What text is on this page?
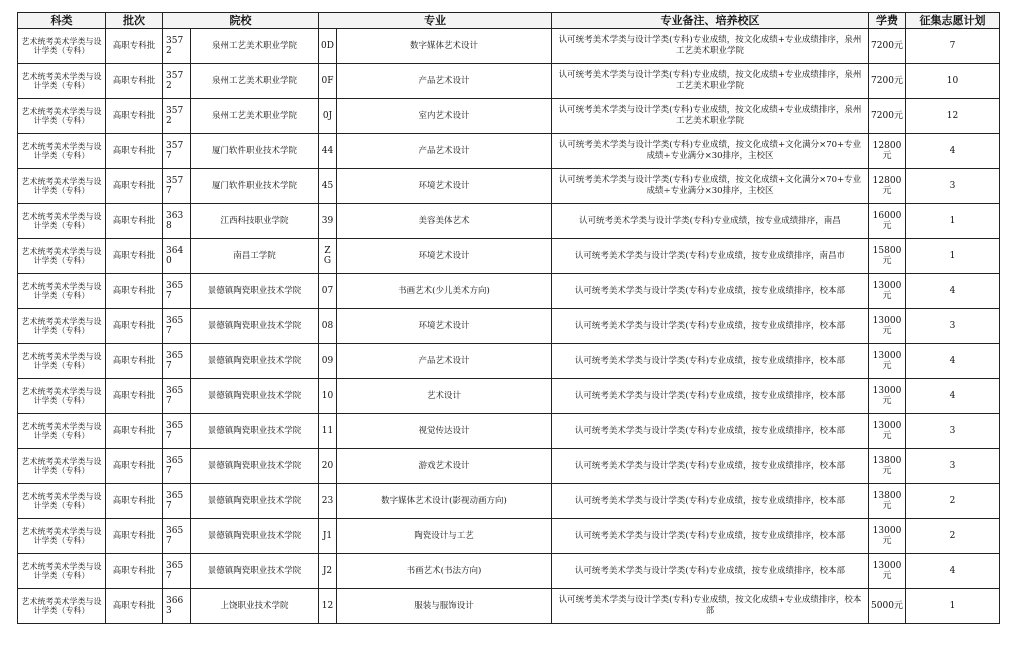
科类	批次	院校		专业		专业备注、培养校区	学费	征集志愿计划
艺术统考美术学类与设计学类（专科）	高职专科批	3572	泉州工艺美术职业学院	0D	数字媒体艺术设计	认可统考美术学类与设计学类(专科)专业成绩，按文化成绩+专业成绩排序，泉州工艺美术职业学院	7200元	7
艺术统考美术学类与设计学类（专科）	高职专科批	3572	泉州工艺美术职业学院	0F	产品艺术设计	认可统考美术学类与设计学类(专科)专业成绩，按文化成绩+专业成绩排序，泉州工艺美术职业学院	7200元	10
艺术统考美术学类与设计学类（专科）	高职专科批	3572	泉州工艺美术职业学院	0J	室内艺术设计	认可统考美术学类与设计学类(专科)专业成绩，按文化成绩+专业成绩排序，泉州工艺美术职业学院	7200元	12
艺术统考美术学类与设计学类（专科）	高职专科批	3577	厦门软件职业技术学院	44	产品艺术设计	认可统考美术学类与设计学类(专科)专业成绩，按文化成绩+文化满分×70+专业成绩÷专业满分×30排序，主校区	12800元	4
艺术统考美术学类与设计学类（专科）	高职专科批	3577	厦门软件职业技术学院	45	环境艺术设计	认可统考美术学类与设计学类(专科)专业成绩，按文化成绩+文化满分×70+专业成绩÷专业满分×30排序，主校区	12800元	3
艺术统考美术学类与设计学类（专科）	高职专科批	3638	江西科技职业学院	39	美容美体艺术	认可统考美术学类与设计学类(专科)专业成绩，按专业成绩排序，南昌	16000元	1
艺术统考美术学类与设计学类（专科）	高职专科批	3640	南昌工学院	ZG	环境艺术设计	认可统考美术学类与设计学类(专科)专业成绩，按专业成绩排序，南昌市	15800元	1
艺术统考美术学类与设计学类（专科）	高职专科批	3657	景德镇陶瓷职业技术学院	07	书画艺术(少儿美术方向)	认可统考美术学类与设计学类(专科)专业成绩，按专业成绩排序，校本部	13000元	4
艺术统考美术学类与设计学类（专科）	高职专科批	3657	景德镇陶瓷职业技术学院	08	环境艺术设计	认可统考美术学类与设计学类(专科)专业成绩，按专业成绩排序，校本部	13000元	3
艺术统考美术学类与设计学类（专科）	高职专科批	3657	景德镇陶瓷职业技术学院	09	产品艺术设计	认可统考美术学类与设计学类(专科)专业成绩，按专业成绩排序，校本部	13000元	4
艺术统考美术学类与设计学类（专科）	高职专科批	3657	景德镇陶瓷职业技术学院	10	艺术设计	认可统考美术学类与设计学类(专科)专业成绩，按专业成绩排序，校本部	13000元	4
艺术统考美术学类与设计学类（专科）	高职专科批	3657	景德镇陶瓷职业技术学院	11	视觉传达设计	认可统考美术学类与设计学类(专科)专业成绩，按专业成绩排序，校本部	13000元	3
艺术统考美术学类与设计学类（专科）	高职专科批	3657	景德镇陶瓷职业技术学院	20	游戏艺术设计	认可统考美术学类与设计学类(专科)专业成绩，按专业成绩排序，校本部	13800元	3
艺术统考美术学类与设计学类（专科）	高职专科批	3657	景德镇陶瓷职业技术学院	23	数字媒体艺术设计(影视动画方向)	认可统考美术学类与设计学类(专科)专业成绩，按专业成绩排序，校本部	13800元	2
艺术统考美术学类与设计学类（专科）	高职专科批	3657	景德镇陶瓷职业技术学院	J1	陶瓷设计与工艺	认可统考美术学类与设计学类(专科)专业成绩，按专业成绩排序，校本部	13000元	2
艺术统考美术学类与设计学类（专科）	高职专科批	3657	景德镇陶瓷职业技术学院	J2	书画艺术(书法方向)	认可统考美术学类与设计学类(专科)专业成绩，按专业成绩排序，校本部	13000元	4
艺术统考美术学类与设计学类（专科）	高职专科批	3663	上饶职业技术学院	12	服装与服饰设计	认可统考美术学类与设计学类(专科)专业成绩，按文化成绩+专业成绩排序，校本部	5000元	1
